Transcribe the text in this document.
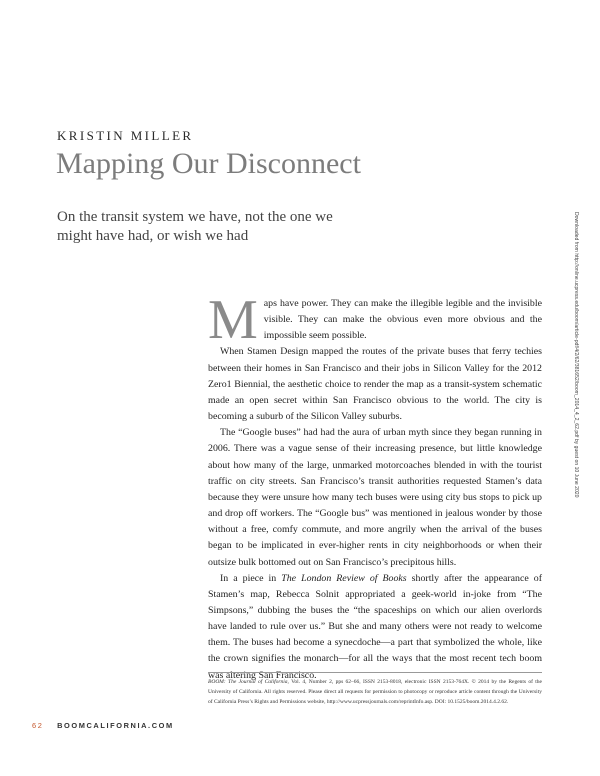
KRISTIN MILLER
Mapping Our Disconnect
On the transit system we have, not the one we might have had, or wish we had	Downloaded from http://online.ucpress.edu/boom/article-pdf/4/2/62/381652/boom_2014_4_2_62.pdf by guest on 10 June 2020

Maps have power. They can make the illegible legible and the invisible visible. They can make the obvious even more obvious and the impossible seem possible.

When Stamen Design mapped the routes of the private buses that ferry techies between their homes in San Francisco and their jobs in Silicon Valley for the 2012 Zero1 Biennial, the aesthetic choice to render the map as a transit-system schematic made an open secret within San Francisco obvious to the world. The city is becoming a suburb of the Silicon Valley suburbs.

The “Google buses” had had the aura of urban myth since they began running in 2006. There was a vague sense of their increasing presence, but little knowledge about how many of the large, unmarked motorcoaches blended in with the tourist traffic on city streets. San Francisco’s transit authorities requested Stamen’s data because they were unsure how many tech buses were using city bus stops to pick up and drop off workers. The “Google bus” was mentioned in jealous wonder by those without a free, comfy commute, and more angrily when the arrival of the buses began to be implicated in ever-higher rents in city neighborhoods or when their outsize bulk bottomed out on San Francisco’s precipitous hills.

In a piece in The London Review of Books shortly after the appearance of Stamen’s map, Rebecca Solnit appropriated a geek-world in-joke from “The Simpsons,” dubbing the buses the “the spaceships on which our alien overlords have landed to rule over us.” But she and many others were not ready to welcome them. The buses had become a synecdoche—a part that symbolized the whole, like the crown signifies the monarch—for all the ways that the most recent tech boom was altering San Francisco.

BOOM: The Journal of California, Vol. 4, Number 2, pps 62–66, ISSN 2153-8018, electronic ISSN 2153-764X. © 2014 by the Regents of the University of California. All rights reserved. Please direct all requests for permission to photocopy or reproduce article content through the University of California Press’s Rights and Permissions website, http://www.ucpressjournals.com/reprintInfo.asp. DOI: 10.1525/boom.2014.4.2.62.
62 BOOMCALIFORNIA.COM
